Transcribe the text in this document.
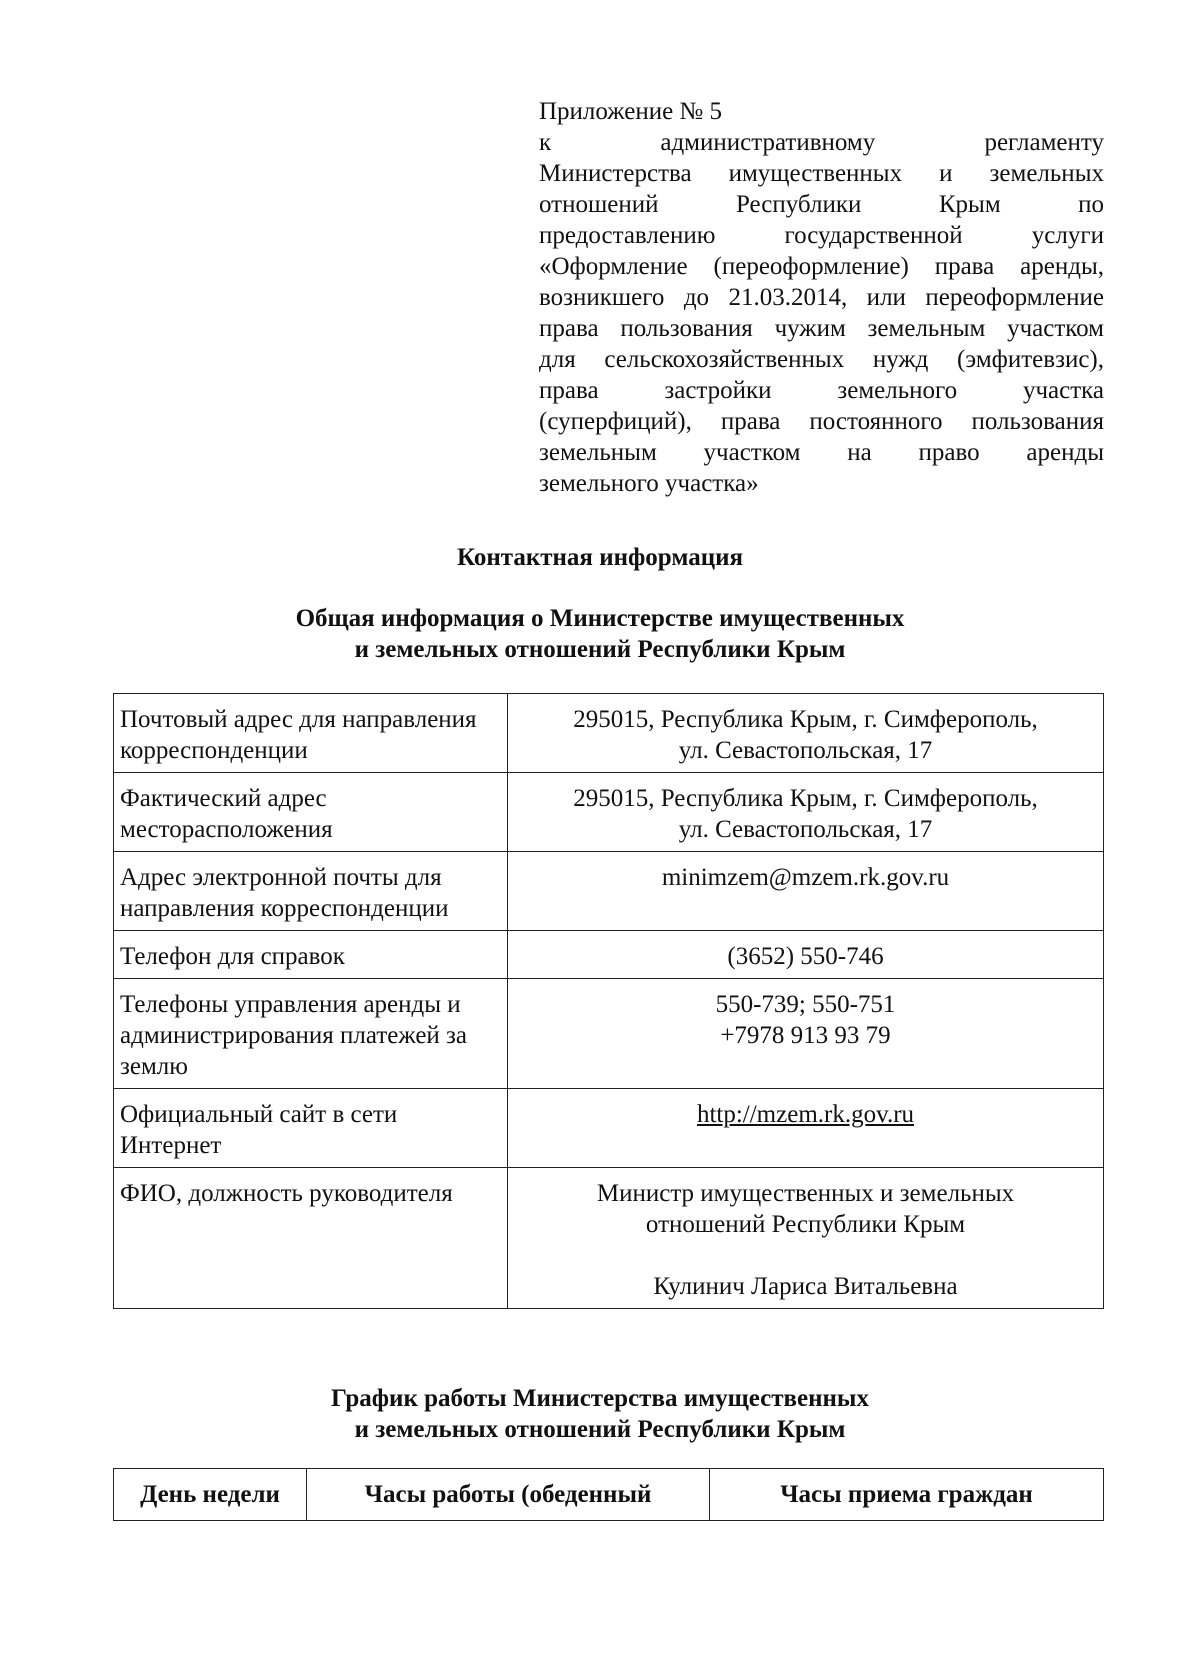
Приложение № 5
к административному регламенту
Министерства имущественных и земельных
отношений Республики Крым по
предоставлению государственной услуги
«Оформление (переоформление) права аренды,
возникшего до 21.03.2014, или переоформление
права пользования чужим земельным участком
для сельскохозяйственных нужд (эмфитевзис),
права застройки земельного участка
(суперфиций), права постоянного пользования
земельным участком на право аренды
земельного участка»
Контактная информация
Общая информация о Министерстве имущественных
и земельных отношений Республики Крым
Почтовый адрес для направления корреспонденции	295015, Республика Крым, г. Симферополь,
ул. Севастопольская, 17

Фактический адрес месторасположения	295015, Республика Крым, г. Симферополь,
ул. Севастопольская, 17

Адрес электронной почты для направления корреспонденции	minimzem@mzem.rk.gov.ru

Телефон для справок	(3652) 550-746

Телефоны управления аренды и администрирования платежей за землю	550-739; 550-751
+7978 913 93 79

Официальный сайт в сети Интернет	http://mzem.rk.gov.ru
ФИО, должность руководителя	Министр имущественных и земельных
отношений Республики Крым
Кулинич Лариса Витальевна
График работы Министерства имущественных
и земельных отношений Республики Крым
День недели	Часы работы (обеденный	Часы приема граждан
